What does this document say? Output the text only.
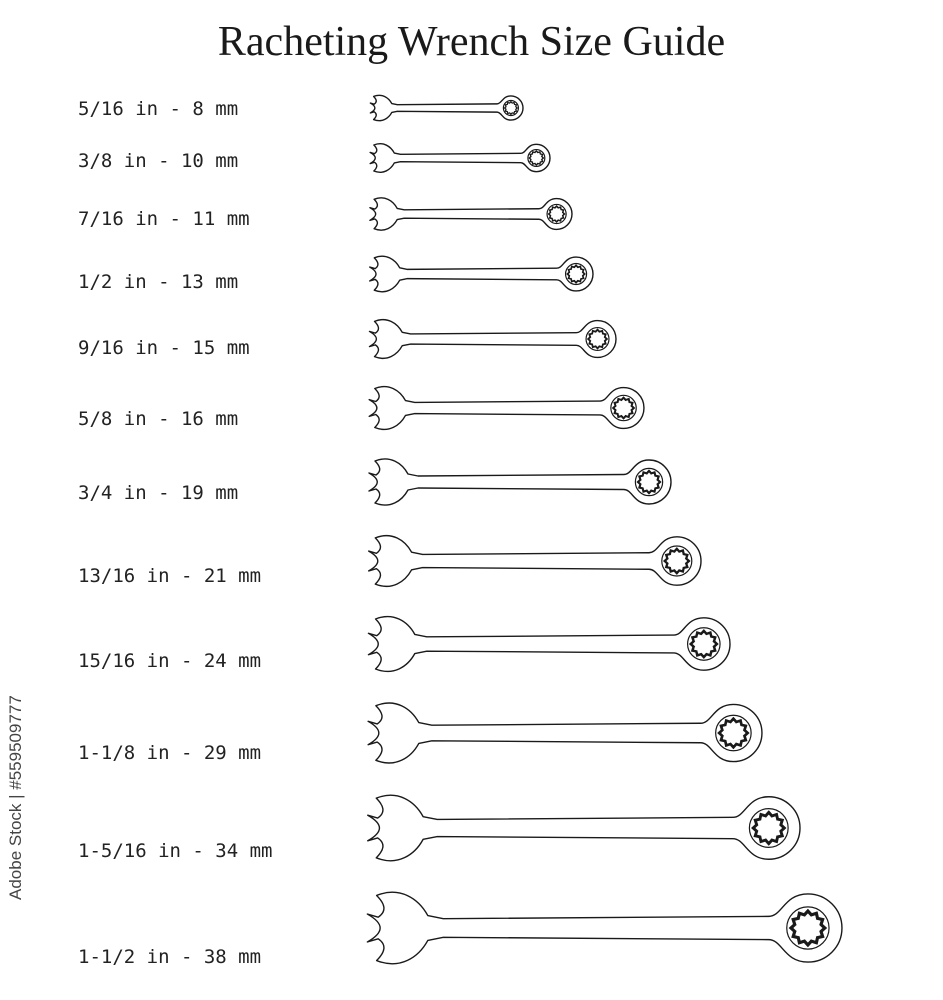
Racheting Wrench Size Guide
5/16 in - 8 mm
3/8 in - 10 mm
7/16 in - 11 mm
1/2 in - 13 mm
9/16 in - 15 mm
5/8 in - 16 mm
3/4 in - 19 mm
13/16 in - 21 mm
15/16 in - 24 mm
1-1/8 in - 29 mm
1-5/16 in - 34 mm
1-1/2 in - 38 mm
Adobe Stock | #559509777
